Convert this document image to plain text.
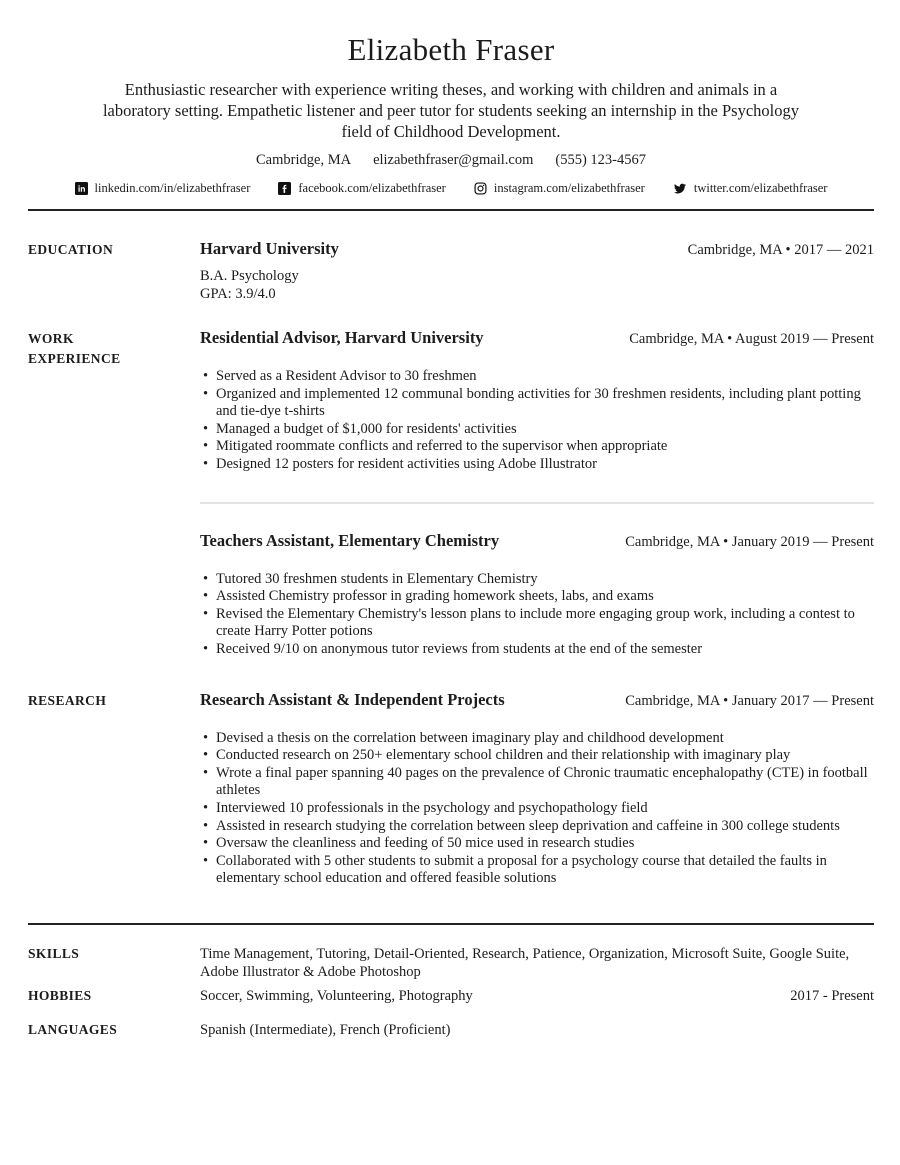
Elizabeth Fraser
Enthusiastic researcher with experience writing theses, and working with children and animals in a laboratory setting. Empathetic listener and peer tutor for students seeking an internship in the Psychology field of Childhood Development.
Cambridge, MA elizabethfraser@gmail.com (555) 123-4567
linkedin.com/in/elizabethfraser	facebook.com/elizabethfraser	instagram.com/elizabethfraser	twitter.com/elizabethfraser
EDUCATION	Harvard University	Cambridge, MA • 2017 — 2021
B.A. Psychology
GPA: 3.9/4.0
WORK EXPERIENCE
Residential Advisor, Harvard University	Cambridge, MA • August 2019 — Present
• Served as a Resident Advisor to 30 freshmen
• Organized and implemented 12 communal bonding activities for 30 freshmen residents, including plant potting and tie-dye t-shirts
• Managed a budget of $1,000 for residents' activities
• Mitigated roommate conflicts and referred to the supervisor when appropriate
• Designed 12 posters for resident activities using Adobe Illustrator
Teachers Assistant, Elementary Chemistry	Cambridge, MA • January 2019 — Present
• Tutored 30 freshmen students in Elementary Chemistry
• Assisted Chemistry professor in grading homework sheets, labs, and exams
• Revised the Elementary Chemistry's lesson plans to include more engaging group work, including a contest to create Harry Potter potions
• Received 9/10 on anonymous tutor reviews from students at the end of the semester
RESEARCH	Research Assistant & Independent Projects	Cambridge, MA • January 2017 — Present
• Devised a thesis on the correlation between imaginary play and childhood development
• Conducted research on 250+ elementary school children and their relationship with imaginary play
• Wrote a final paper spanning 40 pages on the prevalence of Chronic traumatic encephalopathy (CTE) in football athletes
• Interviewed 10 professionals in the psychology and psychopathology field
• Assisted in research studying the correlation between sleep deprivation and caffeine in 300 college students
• Oversaw the cleanliness and feeding of 50 mice used in research studies
• Collaborated with 5 other students to submit a proposal for a psychology course that detailed the faults in elementary school education and offered feasible solutions
SKILLS	Time Management, Tutoring, Detail-Oriented, Research, Patience, Organization, Microsoft Suite, Google Suite, Adobe Illustrator & Adobe Photoshop
HOBBIES	Soccer, Swimming, Volunteering, Photography	2017 - Present
LANGUAGES	Spanish (Intermediate), French (Proficient)
